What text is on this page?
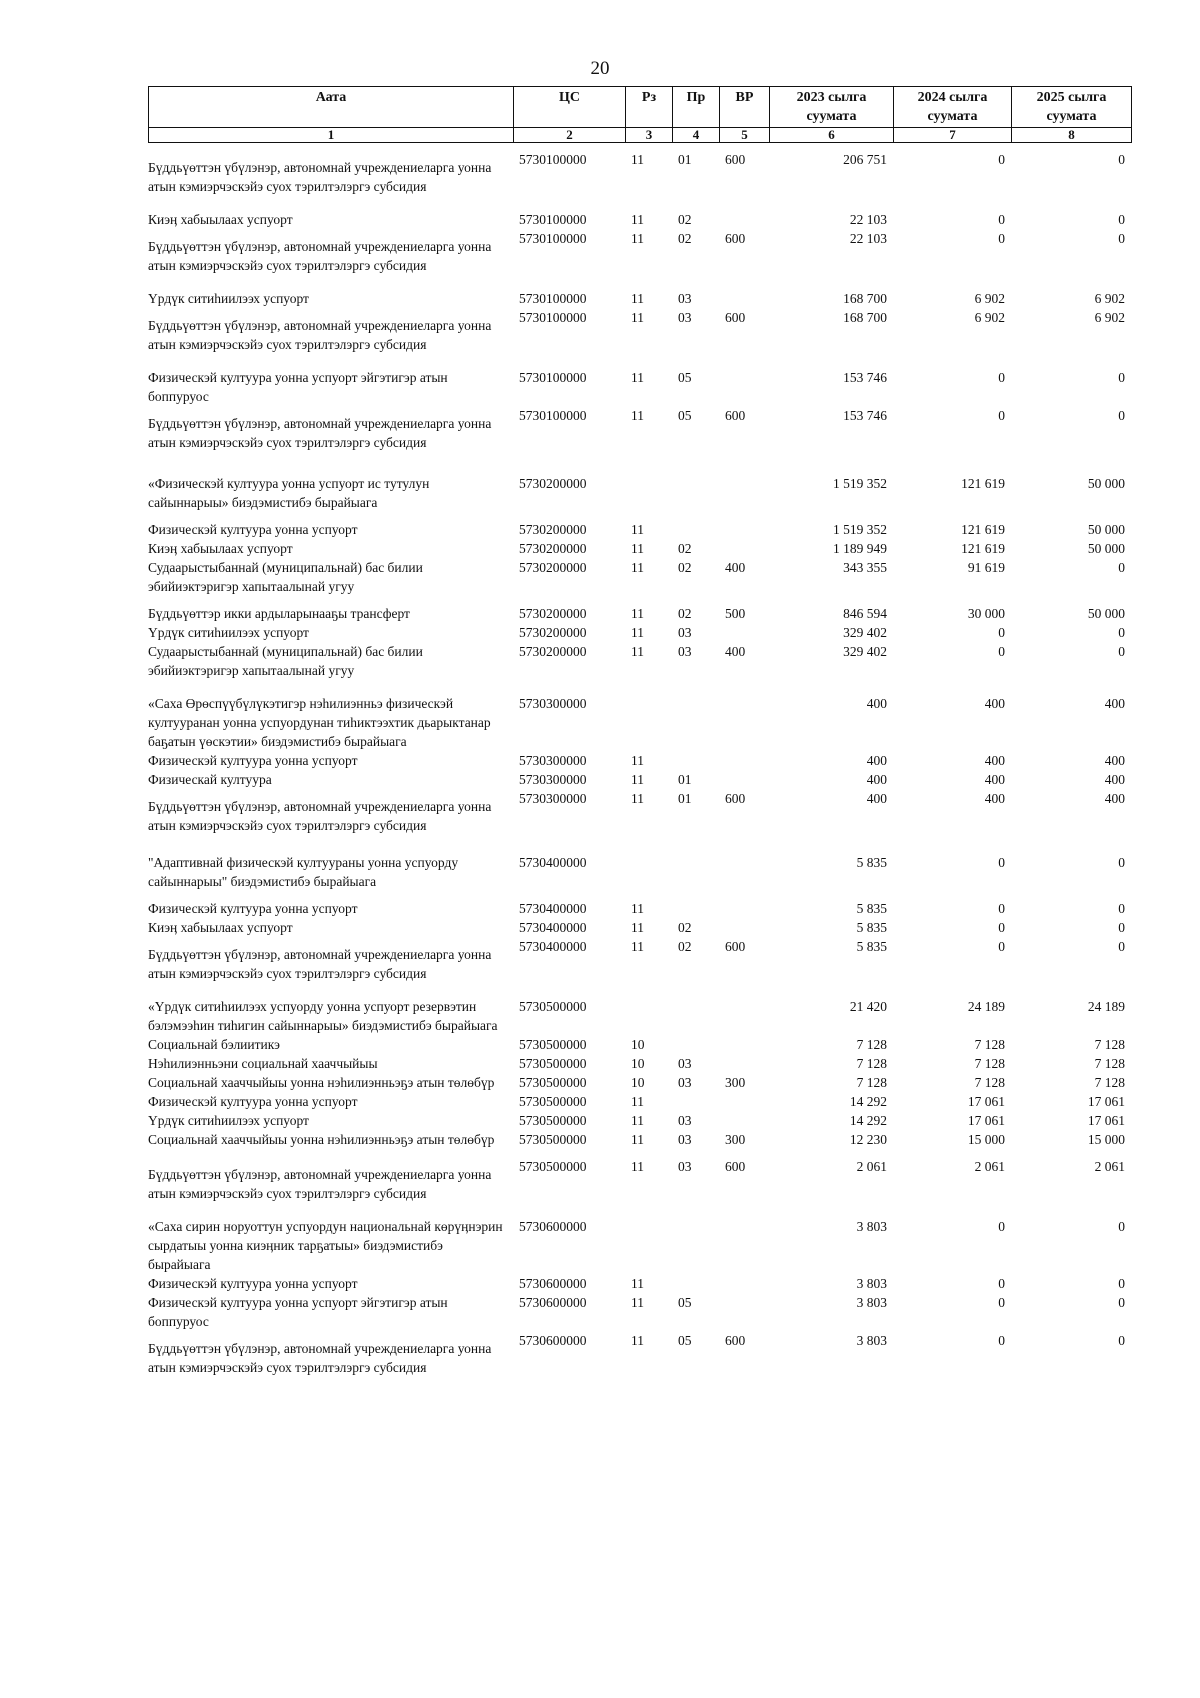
20
Аата	ЦС	Рз	Пр	ВР	2023 сылга суумата	2024 сылга суумата	2025 сылга суумата
1	2	3	4	5	6	7	8
Бүддьүөттэн үбүлэнэр, автономнай учреждениеларга уонна атын кэмиэрчэскэйэ суох тэрилтэлэргэ субсидия	5730100000	11	01	600	206 751	0	0
Киэӊ хабыылаах успуорт	5730100000	11	02		22 103	0	0
Бүддьүөттэн үбүлэнэр, автономнай учреждениеларга уонна атын кэмиэрчэскэйэ суох тэрилтэлэргэ субсидия	5730100000	11	02	600	22 103	0	0
Үрдүк ситиһиилээх успуорт	5730100000	11	03		168 700	6 902	6 902
Бүддьүөттэн үбүлэнэр, автономнай учреждениеларга уонна атын кэмиэрчэскэйэ суох тэрилтэлэргэ субсидия	5730100000	11	03	600	168 700	6 902	6 902
Физическэй култуура уонна успуорт эйгэтигэр атын боппуруос	5730100000	11	05		153 746	0	0
Бүддьүөттэн үбүлэнэр, автономнай учреждениеларга уонна атын кэмиэрчэскэйэ суох тэрилтэлэргэ субсидия	5730100000	11	05	600	153 746	0	0
«Физическэй култуура уонна успуорт ис тутулун сайыннарыы» биэдэмистибэ бырайыага	5730200000				1 519 352	121 619	50 000
Физическэй култуура уонна успуорт	5730200000	11			1 519 352	121 619	50 000
Киэӊ хабыылаах успуорт	5730200000	11	02		1 189 949	121 619	50 000
Судаарыстыбаннай (муниципальнай) бас билии эбийиэктэригэр хапытаалынай угуу	5730200000	11	02	400	343 355	91 619	0
Бүддьүөттэр икки ардыларынааҕы трансферт	5730200000	11	02	500	846 594	30 000	50 000
Үрдүк ситиһиилээх успуорт	5730200000	11	03		329 402	0	0
Судаарыстыбаннай (муниципальнай) бас билии эбийиэктэригэр хапытаалынай угуу	5730200000	11	03	400	329 402	0	0
«Саха Өрөспүүбүлүкэтигэр нэһилиэнньэ физическэй култууранан уонна успуордунан тиһиктээхтик дьарыктанар баҕатын үөскэтии» биэдэмистибэ бырайыага	5730300000				400	400	400
Физическэй култуура уонна успуорт	5730300000	11			400	400	400
Физическай култуура	5730300000	11	01		400	400	400
Бүддьүөттэн үбүлэнэр, автономнай учреждениеларга уонна атын кэмиэрчэскэйэ суох тэрилтэлэргэ субсидия	5730300000	11	01	600	400	400	400
"Адаптивнай физическэй култуураны уонна успуорду сайыннарыы" биэдэмистибэ бырайыага	5730400000				5 835	0	0
Физическэй култуура уонна успуорт	5730400000	11			5 835	0	0
Киэӊ хабыылаах успуорт	5730400000	11	02		5 835	0	0
Бүддьүөттэн үбүлэнэр, автономнай учреждениеларга уонна атын кэмиэрчэскэйэ суох тэрилтэлэргэ субсидия	5730400000	11	02	600	5 835	0	0
«Үрдүк ситиһиилээх успуорду уонна успуорт резервэтин бэлэмээһин тиһигин сайыннарыы» биэдэмистибэ бырайыага	5730500000				21 420	24 189	24 189
Социальнай бэлиитикэ	5730500000	10			7 128	7 128	7 128
Нэһилиэнньэни социальнай хааччыйыы	5730500000	10	03		7 128	7 128	7 128
Социальнай хааччыйыы уонна нэһилиэнньэҕэ атын төлөбүр	5730500000	10	03	300	7 128	7 128	7 128
Физическэй култуура уонна успуорт	5730500000	11			14 292	17 061	17 061
Үрдүк ситиһиилээх успуорт	5730500000	11	03		14 292	17 061	17 061
Социальнай хааччыйыы уонна нэһилиэнньэҕэ атын төлөбүр	5730500000	11	03	300	12 230	15 000	15 000
Бүддьүөттэн үбүлэнэр, автономнай учреждениеларга уонна атын кэмиэрчэскэйэ суох тэрилтэлэргэ субсидия	5730500000	11	03	600	2 061	2 061	2 061
«Саха сирин норуоттун успуордун национальнай көрүӊнэрин сырдатыы уонна киэӊник тарҕатыы» биэдэмистибэ бырайыага	5730600000				3 803	0	0
Физическэй култуура уонна успуорт	5730600000	11			3 803	0	0
Физическэй култуура уонна успуорт эйгэтигэр атын боппуруос	5730600000	11	05		3 803	0	0
Бүддьүөттэн үбүлэнэр, автономнай учреждениеларга уонна атын кэмиэрчэскэйэ суох тэрилтэлэргэ субсидия	5730600000	11	05	600	3 803	0	0
